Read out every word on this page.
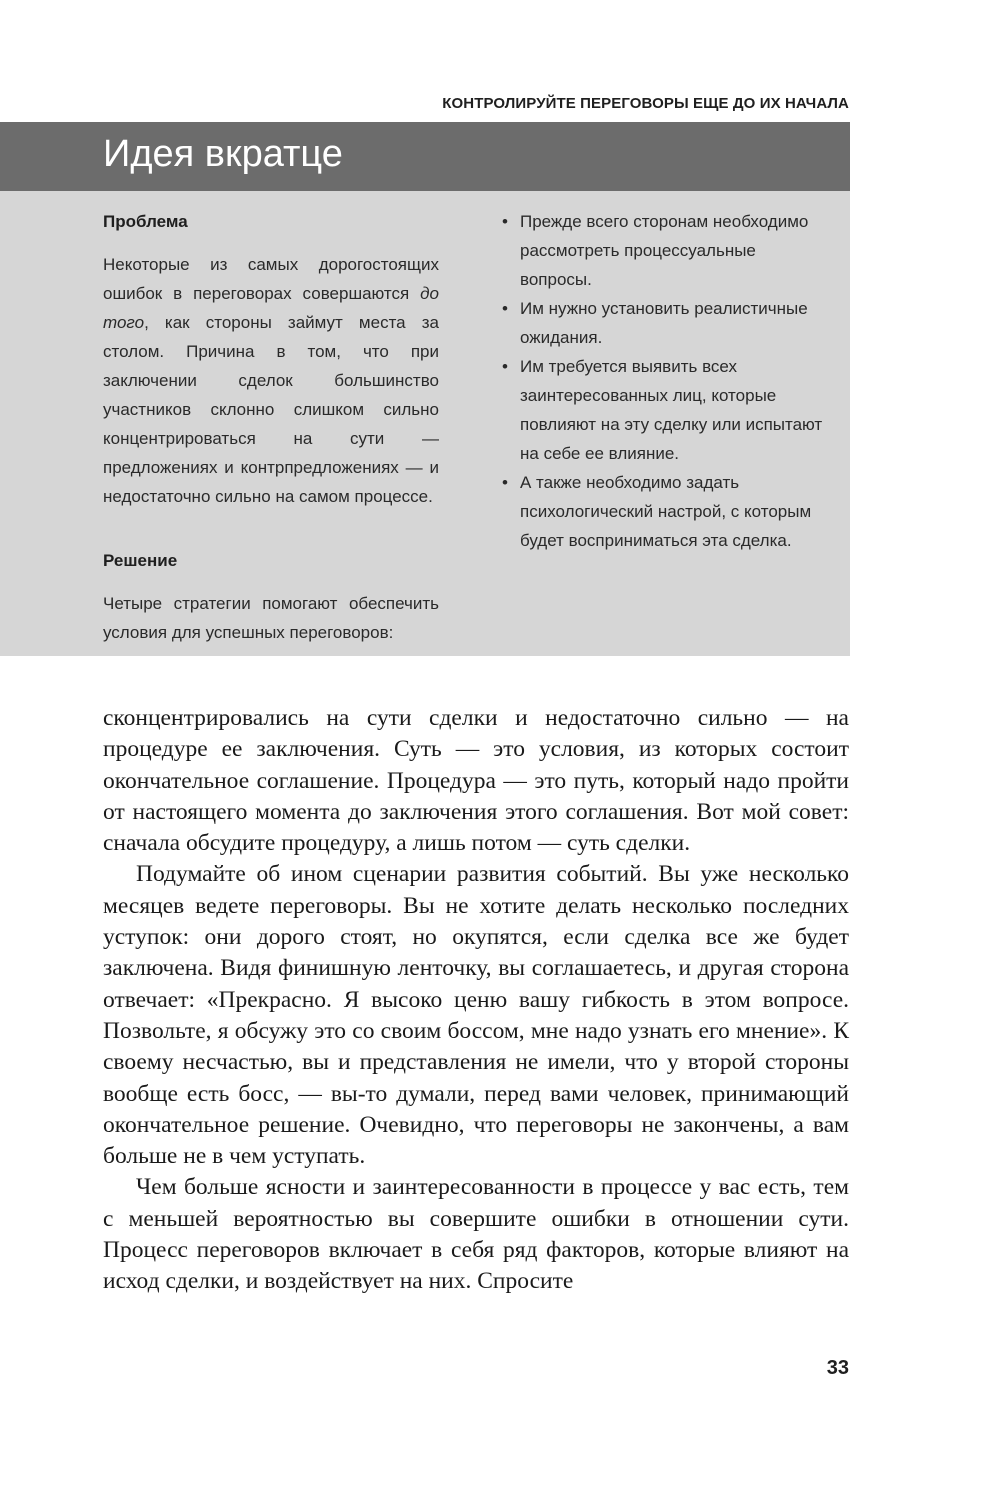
КОНТРОЛИРУЙТЕ ПЕРЕГОВОРЫ ЕЩЕ ДО ИХ НАЧАЛА
Идея вкратце

Проблема

Некоторые из самых дорогостоящих ошибок в переговорах совершаются до того, как стороны займут места за столом. Причина в том, что при заключении сделок большинство участников склонно слишком сильно концентрироваться на сути — предложениях и контрпредложениях — и недостаточно сильно на самом процессе.

Решение

Четыре стратегии помогают обеспечить условия для успешных переговоров:

• Прежде всего сторонам необходимо рассмотреть процессуальные вопросы.
• Им нужно установить реалистичные ожидания.
• Им требуется выявить всех заинтересованных лиц, которые повлияют на эту сделку или испытают на себе ее влияние.
• А также необходимо задать психологический настрой, с которым будет восприниматься эта сделка.

сконцентрировались на сути сделки и недостаточно сильно — на процедуре ее заключения. Суть — это условия, из которых состоит окончательное соглашение. Процедура — это путь, который надо пройти от настоящего момента до заключения этого соглашения. Вот мой совет: сначала обсудите процедуру, а лишь потом — суть сделки.

Подумайте об ином сценарии развития событий. Вы уже несколько месяцев ведете переговоры. Вы не хотите делать несколько последних уступок: они дорого стоят, но окупятся, если сделка все же будет заключена. Видя финишную ленточку, вы соглашаетесь, и другая сторона отвечает: «Прекрасно. Я высоко ценю вашу гибкость в этом вопросе. Позвольте, я обсужу это со своим боссом, мне надо узнать его мнение». К своему несчастью, вы и представления не имели, что у второй стороны вообще есть босс, — вы-то думали, перед вами человек, принимающий окончательное решение. Очевидно, что переговоры не закончены, а вам больше не в чем уступать.

Чем больше ясности и заинтересованности в процессе у вас есть, тем с меньшей вероятностью вы совершите ошибки в отношении сути. Процесс переговоров включает в себя ряд факторов, которые влияют на исход сделки, и воздействует на них. Спросите

33
